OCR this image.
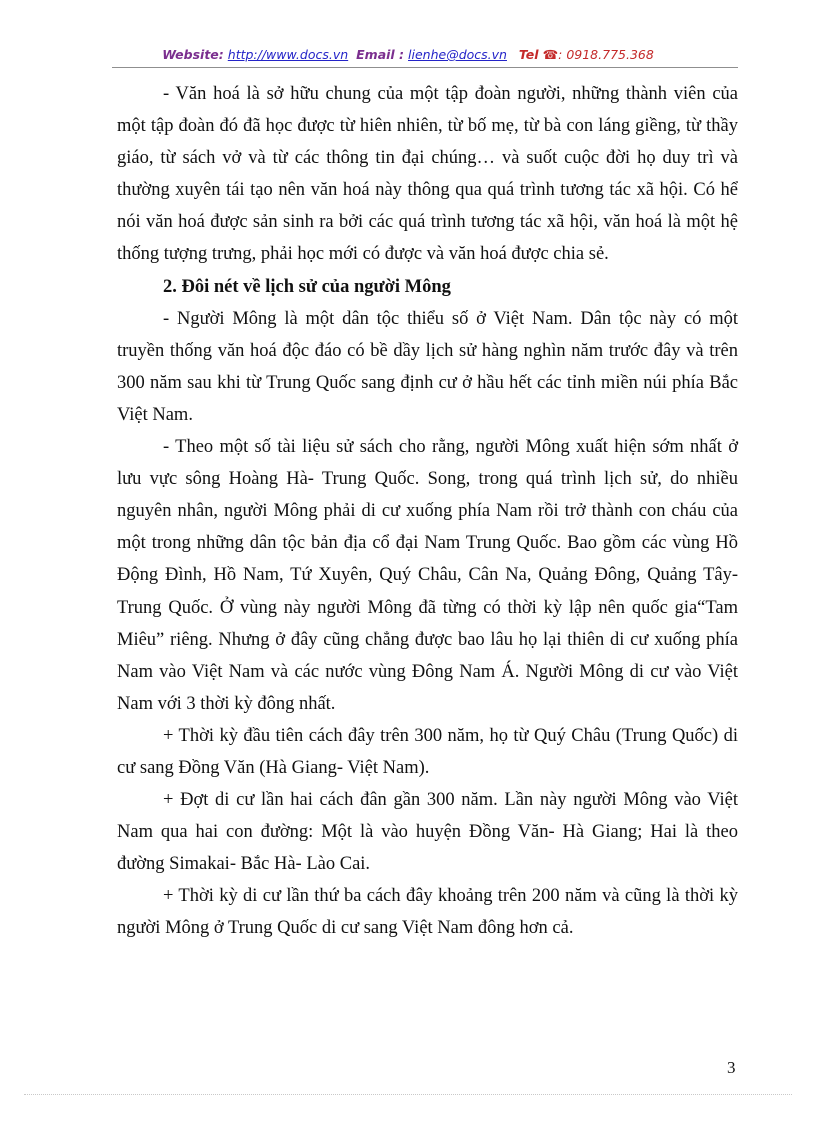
Website: http://www.docs.vn Email : lienhe@docs.vn Tel ☎: 0918.775.368

- Văn hoá là sở hữu chung của một tập đoàn người, những thành viên của một tập đoàn đó đã học được từ hiên nhiên, từ bố mẹ, từ bà con láng giềng, từ thầy giáo, từ sách vở và từ các thông tin đại chúng… và suốt cuộc đời họ duy trì và thường xuyên tái tạo nên văn hoá này thông qua quá trình tương tác xã hội. Có hể nói văn hoá được sản sinh ra bởi các quá trình tương tác xã hội, văn hoá là một hệ thống tượng trưng, phải học mới có được và văn hoá được chia sẻ.

2. Đôi nét về lịch sử của người Mông

- Người Mông là một dân tộc thiểu số ở Việt Nam. Dân tộc này có một truyền thống văn hoá độc đáo có bề dầy lịch sử hàng nghìn năm trước đây và trên 300 năm sau khi từ Trung Quốc sang định cư ở hầu hết các tỉnh miền núi phía Bắc Việt Nam.

- Theo một số tài liệu sử sách cho rằng, người Mông xuất hiện sớm nhất ở lưu vực sông Hoàng Hà- Trung Quốc. Song, trong quá trình lịch sử, do nhiều nguyên nhân, người Mông phải di cư xuống phía Nam rồi trở thành con cháu của một trong những dân tộc bản địa cổ đại Nam Trung Quốc. Bao gồm các vùng Hồ Động Đình, Hồ Nam, Tứ Xuyên, Quý Châu, Cân Na, Quảng Đông, Quảng Tây- Trung Quốc. Ở vùng này người Mông đã từng có thời kỳ lập nên quốc gia“Tam Miêu” riêng. Nhưng ở đây cũng chẳng được bao lâu họ lại thiên di cư xuống phía Nam vào Việt Nam và các nước vùng Đông Nam Á. Người Mông di cư vào Việt Nam với 3 thời kỳ đông nhất.

+ Thời kỳ đầu tiên cách đây trên 300 năm, họ từ Quý Châu (Trung Quốc) di cư sang Đồng Văn (Hà Giang- Việt Nam).

+ Đợt di cư lần hai cách đân gần 300 năm. Lần này người Mông vào Việt Nam qua hai con đường: Một là vào huyện Đồng Văn- Hà Giang; Hai là theo đường Simakai- Bắc Hà- Lào Cai.

+ Thời kỳ di cư lần thứ ba cách đây khoảng trên 200 năm và cũng là thời kỳ người Mông ở Trung Quốc di cư sang Việt Nam đông hơn cả.

3
